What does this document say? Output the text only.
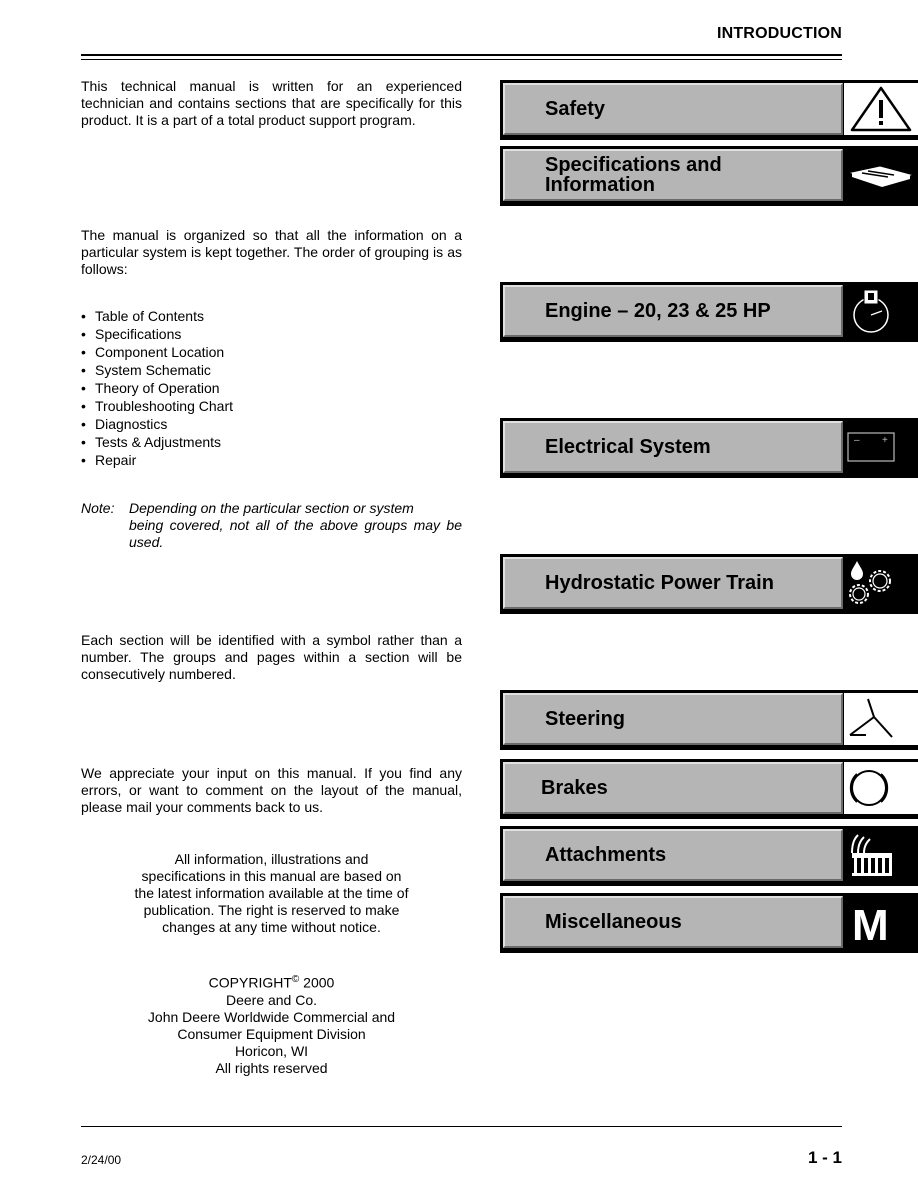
INTRODUCTION
This technical manual is written for an experienced technician and contains sections that are specifically for this product. It is a part of a total product support program.
The manual is organized so that all the information on a particular system is kept together. The order of grouping is as follows:
• Table of Contents
• Specifications
• Component Location
• System Schematic
• Theory of Operation
• Troubleshooting Chart
• Diagnostics
• Tests & Adjustments
• Repair
Note: Depending on the particular section or system
being covered, not all of the above groups may be used.
Each section will be identified with a symbol rather than a number. The groups and pages within a section will be consecutively numbered.
We appreciate your input on this manual. If you find any errors, or want to comment on the layout of the manual, please mail your comments back to us.
All information, illustrations and
specifications in this manual are based on
the latest information available at the time of
publication. The right is reserved to make
changes at any time without notice.
COPYRIGHT© 2000
Deere and Co.
John Deere Worldwide Commercial and
Consumer Equipment Division
Horicon, WI
All rights reserved
Safety
Specifications and Information
Engine – 20, 23 & 25 HP
Electrical System	– +
Hydrostatic Power Train
Steering
Brakes
Attachments
Miscellaneous	M
2/24/00	1 - 1
